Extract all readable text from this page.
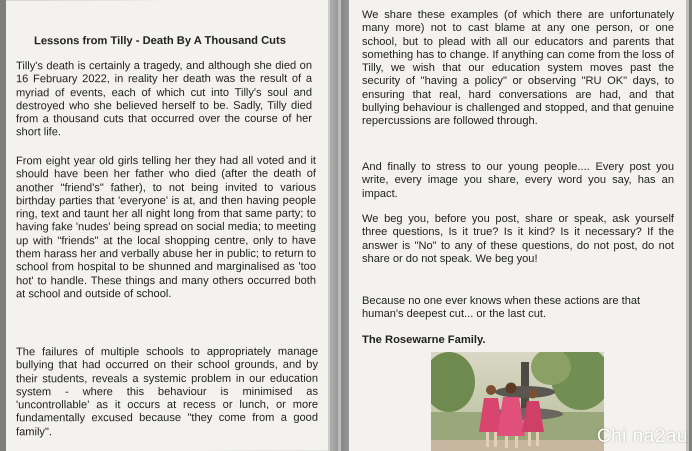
Lessons from Tilly - Death By A Thousand Cuts

Tilly's death is certainly a tragedy, and although she died on 16 February 2022, in reality her death was the result of a myriad of events, each of which cut into Tilly's soul and destroyed who she believed herself to be. Sadly, Tilly died from a thousand cuts that occurred over the course of her short life.

From eight year old girls telling her they had all voted and it should have been her father who died (after the death of another "friend's" father), to not being invited to various birthday parties that 'everyone' is at, and then having people ring, text and taunt her all night long from that same party; to having fake 'nudes' being spread on social media; to meeting up with "friends" at the local shopping centre, only to have them harass her and verbally abuse her in public; to return to school from hospital to be shunned and marginalised as 'too hot' to handle. These things and many others occurred both at school and outside of school.

The failures of multiple schools to appropriately manage bullying that had occurred on their school grounds, and by their students, reveals a systemic problem in our education system - where this behaviour is minimised as 'uncontrollable' as it occurs at recess or lunch, or more fundamentally excused because "they come from a good family".

We share these examples (of which there are unfortunately many more) not to cast blame at any one person, or one school, but to plead with all our educators and parents that something has to change. If anything can come from the loss of Tilly, we wish that our education system moves past the security of "having a policy" or observing "RU OK" days, to ensuring that real, hard conversations are had, and that bullying behaviour is challenged and stopped, and that genuine repercussions are followed through.

And finally to stress to our young people.... Every post you write, every image you share, every word you say, has an impact.

We beg you, before you post, share or speak, ask yourself three questions, Is it true? Is it kind? Is it necessary? If the answer is "No" to any of these questions, do not post, do not share or do not speak. We beg you!

Because no one ever knows when these actions are that human's deepest cut... or the last cut.

The Rosewarne Family.
Chi na2au
